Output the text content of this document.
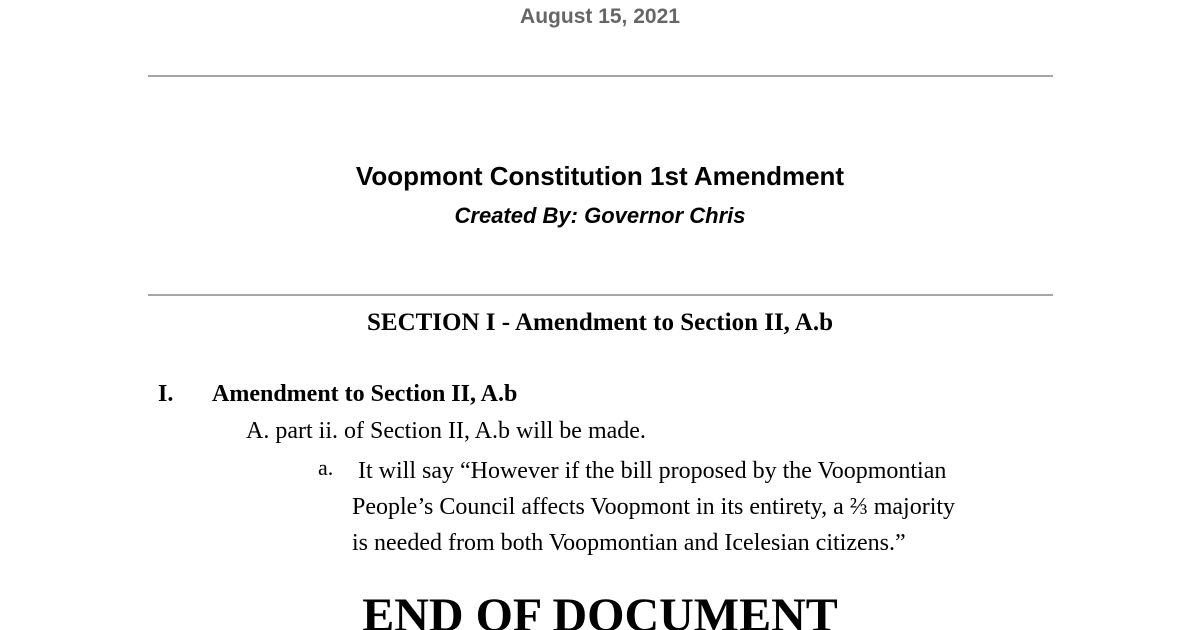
August 15, 2021
Voopmont Constitution 1st Amendment
Created By: Governor Chris
SECTION I - Amendment to Section II, A.b
I. Amendment to Section II, A.b
A. part ii. of Section II, A.b will be made.
a. It will say “However if the bill proposed by the Voopmontian
People’s Council affects Voopmont in its entirety, a ⅔ majority
is needed from both Voopmontian and Icelesian citizens.”
END OF DOCUMENT
